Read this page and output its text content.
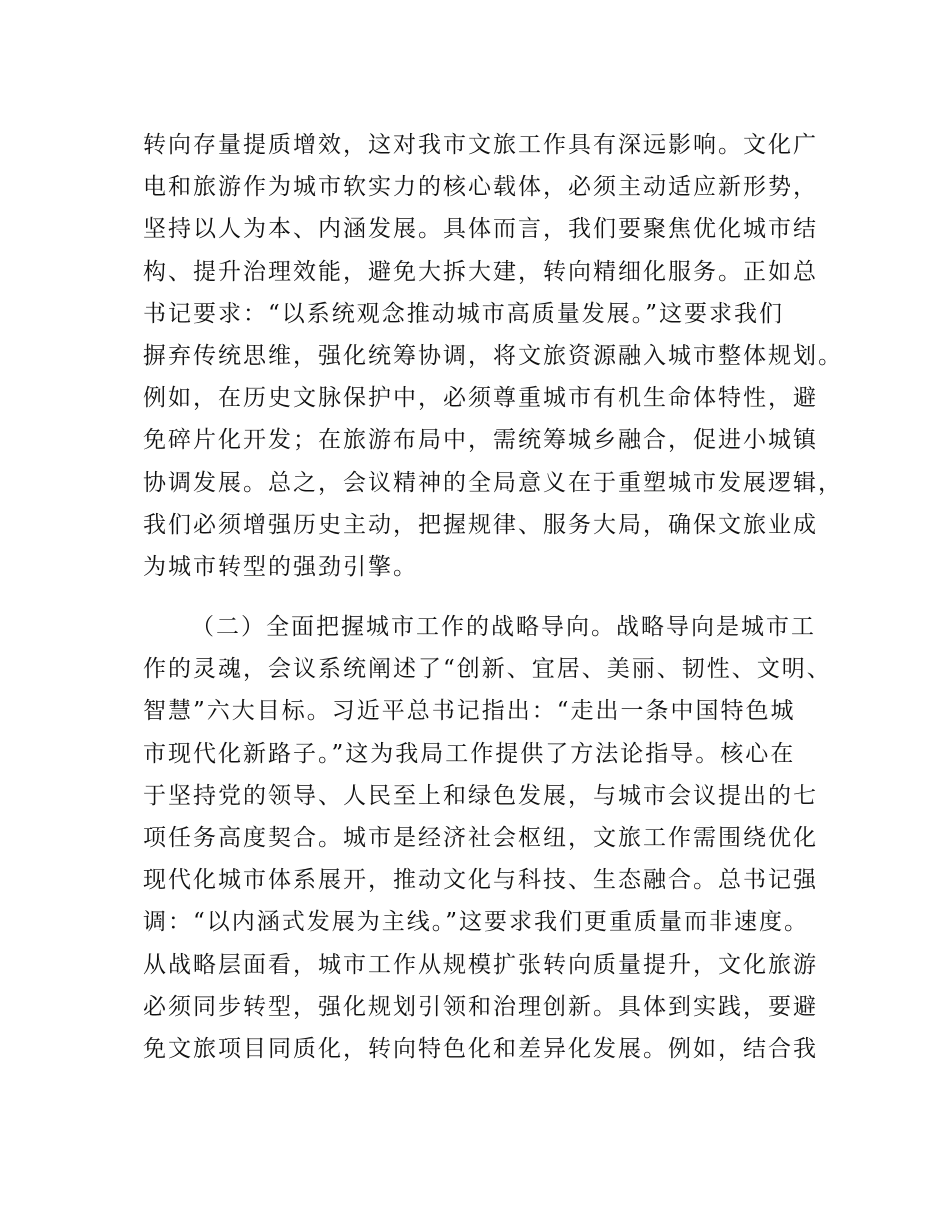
转向存量提质增效，这对我市文旅工作具有深远影响。文化广
电和旅游作为城市软实力的核心载体，必须主动适应新形势，
坚持以人为本、内涵发展。具体而言，我们要聚焦优化城市结
构、提升治理效能，避免大拆大建，转向精细化服务。正如总
书记要求：“以系统观念推动城市高质量发展。”这要求我们
摒弃传统思维，强化统筹协调，将文旅资源融入城市整体规划。
例如，在历史文脉保护中，必须尊重城市有机生命体特性，避
免碎片化开发；在旅游布局中，需统筹城乡融合，促进小城镇
协调发展。总之，会议精神的全局意义在于重塑城市发展逻辑，
我们必须增强历史主动，把握规律、服务大局，确保文旅业成
为城市转型的强劲引擎。
（二）全面把握城市工作的战略导向。战略导向是城市工
作的灵魂，会议系统阐述了“创新、宜居、美丽、韧性、文明、
智慧”六大目标。习近平总书记指出：“走出一条中国特色城
市现代化新路子。”这为我局工作提供了方法论指导。核心在
于坚持党的领导、人民至上和绿色发展，与城市会议提出的七
项任务高度契合。城市是经济社会枢纽，文旅工作需围绕优化
现代化城市体系展开，推动文化与科技、生态融合。总书记强
调：“以内涵式发展为主线。”这要求我们更重质量而非速度。
从战略层面看，城市工作从规模扩张转向质量提升，文化旅游
必须同步转型，强化规划引领和治理创新。具体到实践，要避
免文旅项目同质化，转向特色化和差异化发展。例如，结合我
